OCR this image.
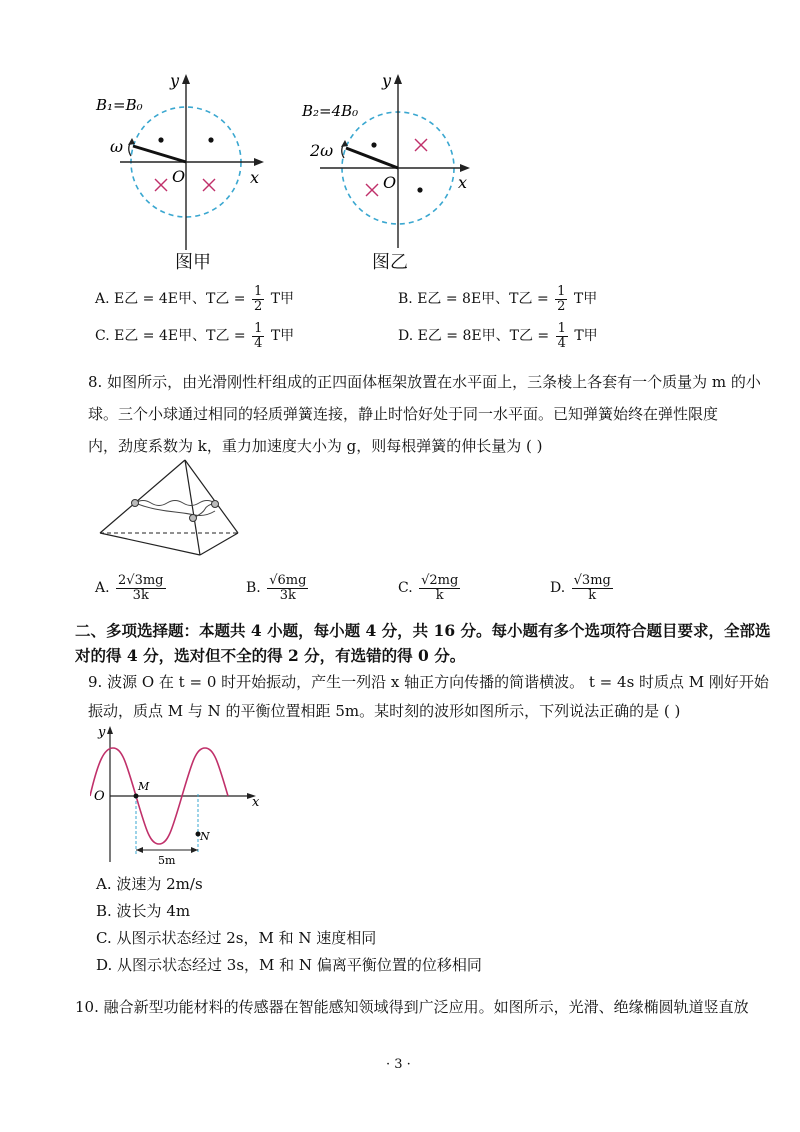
y
x
O
B₁=B₀
ω
图甲
y
x
O
B₂=4B₀
2ω
图乙
A. E乙 = 4E甲、T乙 = $\frac{1}{2}$ T甲	B. E乙 = 8E甲、T乙 = $\frac{1}{2}$ T甲
C. E乙 = 4E甲、T乙 = $\frac{1}{4}$ T甲	D. E乙 = 8E甲、T乙 = $\frac{1}{4}$ T甲
8. 如图所示，由光滑刚性杆组成的正四面体框架放置在水平面上，三条棱上各套有一个质量为 m 的小
球。三个小球通过相同的轻质弹簧连接，静止时恰好处于同一水平面。已知弹簧始终在弹性限度
内，劲度系数为 k，重力加速度大小为 g，则每根弹簧的伸长量为 ( )
A. $\frac{2√3mg}{3k}$	B. $\frac{√6mg}{3k}$	C. $\frac{√2mg}{k}$	D. $\frac{√3mg}{k}$
二、多项选择题：本题共 4 小题，每小题 4 分，共 16 分。每小题有多个选项符合题目要求，全部选
对的得 4 分，选对但不全的得 2 分，有选错的得 0 分。
9. 波源 O 在 t = 0 时开始振动，产生一列沿 x 轴正方向传播的简谐横波。 t = 4s 时质点 M 刚好开始
振动，质点 M 与 N 的平衡位置相距 5m。某时刻的波形如图所示，下列说法正确的是 ( )
y
O	x
M
N
5m
A. 波速为 2m/s
B. 波长为 4m
C. 从图示状态经过 2s，M 和 N 速度相同
D. 从图示状态经过 3s，M 和 N 偏离平衡位置的位移相同
10. 融合新型功能材料的传感器在智能感知领域得到广泛应用。如图所示，光滑、绝缘椭圆轨道竖直放
· 3 ·
